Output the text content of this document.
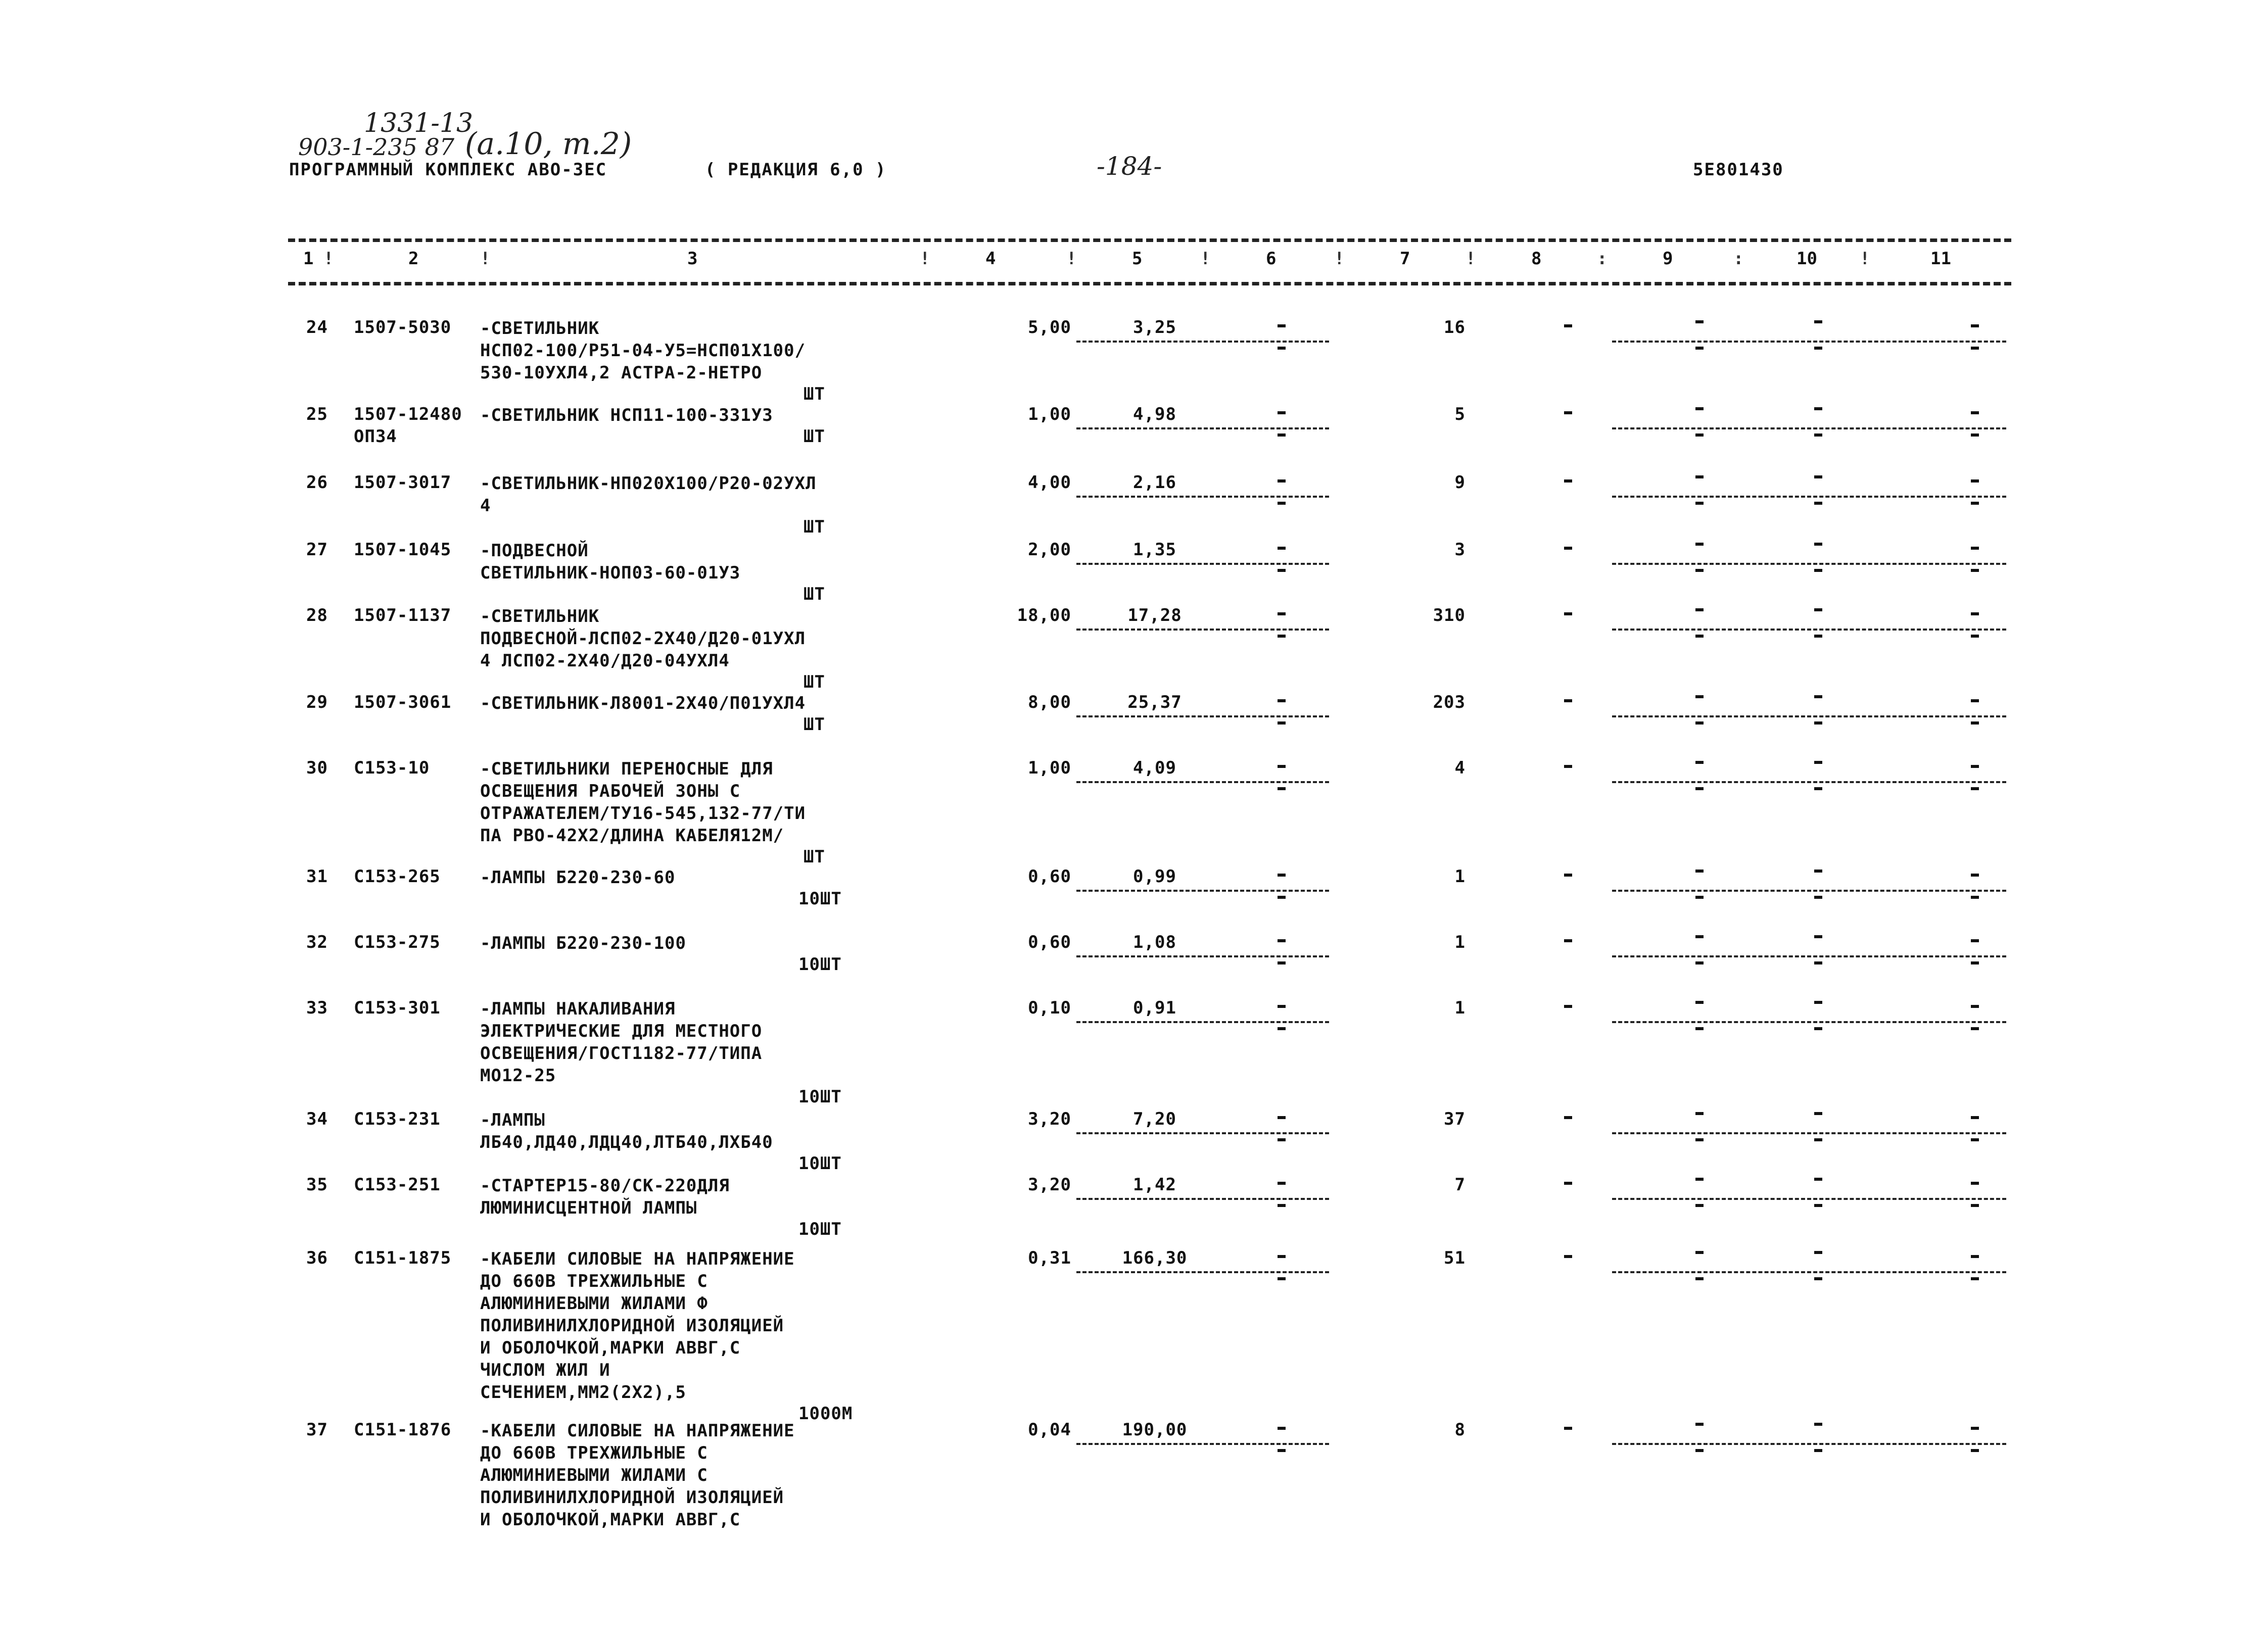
1331-13
903-1-235 87 (а.10, т.2)
-184-
ПРОГРАММНЫЙ КОМПЛЕКС АВО-ЗЕС	( РЕДАКЦИЯ 6,0 )	5Е801430
1 !	2	!	3	!	4	!	5	!	6	!	7	!	8	:	9	:	10 !	11
24 1507-5030 -СВЕТИЛЬНИК
НСП02-100/Р51-04-У5=НСП01Х100/
530-10УХЛ4,2 АСТРА-2-НЕТРО
5,00	3,25	16
ШТ
25 1507-12480
ОП34
-СВЕТИЛЬНИК НСП11-100-331У3	1,00	4,98	5
ШТ
26 1507-3017 -СВЕТИЛЬНИК-НП020Х100/Р20-02УХЛ
4
4,00	2,16	9
ШТ
27 1507-1045 -ПОДВЕСНОЙ
СВЕТИЛЬНИК-НОП03-60-01У3
2,00	1,35	3
ШТ
28 1507-1137 -СВЕТИЛЬНИК
ПОДВЕСНОЙ-ЛСП02-2Х40/Д20-01УХЛ
4 ЛСП02-2Х40/Д20-04УХЛ4
18,00	17,28	310
ШТ
29 1507-3061 -СВЕТИЛЬНИК-Л8001-2Х40/П01УХЛ4	8,00	25,37	203
ШТ
30 С153-10	-СВЕТИЛЬНИКИ ПЕРЕНОСНЫЕ ДЛЯ
ОСВЕЩЕНИЯ РАБОЧЕЙ ЗОНЫ С
ОТРАЖАТЕЛЕМ/ТУ16-545,132-77/ТИ
ПА РВО-42Х2/ДЛИНА КАБЕЛЯ12М/
1,00	4,09	4
ШТ
31 С153-265 -ЛАМПЫ Б220-230-60	0,60	0,99	1
10ШТ
32 С153-275 -ЛАМПЫ Б220-230-100	0,60	1,08	1
10ШТ
33 С153-301 -ЛАМПЫ НАКАЛИВАНИЯ
ЭЛЕКТРИЧЕСКИЕ ДЛЯ МЕСТНОГО
ОСВЕЩЕНИЯ/ГОСТ1182-77/ТИПА
МО12-25
0,10	0,91	1
10ШТ
34 С153-231 -ЛАМПЫ
ЛБ40,ЛД40,ЛДЦ40,ЛТБ40,ЛХБ40
3,20	7,20	37
10ШТ
35 С153-251 -СТАРТЕР15-80/СК-220ДЛЯ
ЛЮМИНИСЦЕНТНОЙ ЛАМПЫ
3,20	1,42	7
10ШТ
36 С151-1875 -КАБЕЛИ СИЛОВЫЕ НА НАПРЯЖЕНИЕ
ДО 660В ТРЕХЖИЛЬНЫЕ С
АЛЮМИНИЕВЫМИ ЖИЛАМИ Ф
ПОЛИВИНИЛХЛОРИДНОЙ ИЗОЛЯЦИЕЙ
И ОБОЛОЧКОЙ,МАРКИ АВВГ,С
ЧИСЛОМ ЖИЛ И
СЕЧЕНИЕМ,ММ2(2Х2),5
0,31	166,30	51
1000М
37 С151-1876 -КАБЕЛИ СИЛОВЫЕ НА НАПРЯЖЕНИЕ
ДО 660В ТРЕХЖИЛЬНЫЕ С
АЛЮМИНИЕВЫМИ ЖИЛАМИ С
ПОЛИВИНИЛХЛОРИДНОЙ ИЗОЛЯЦИЕЙ
И ОБОЛОЧКОЙ,МАРКИ АВВГ,С
0,04	190,00	8
